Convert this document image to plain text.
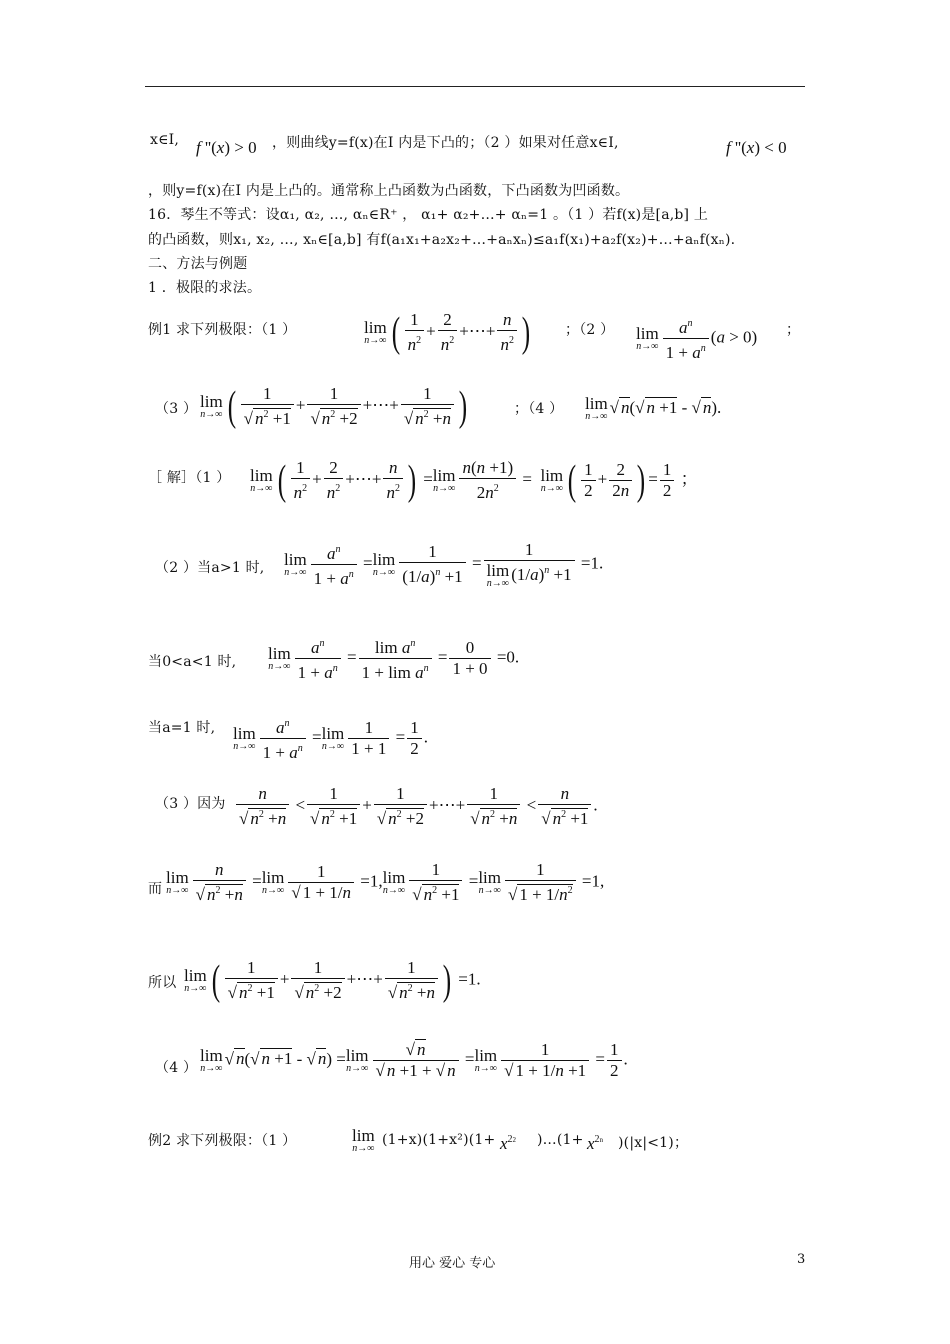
x∈I, f ''(x) > 0 ，则曲线y=f(x)在I 内是下凸的；（2 ）如果对任意x∈I,	f ''(x) < 0
，则y=f(x)在I 内是上凸的。通常称上凸函数为凸函数，下凸函数为凹函数。
16．琴生不等式：设α₁, α₂, …, αₙ∈R⁺ ， α₁+ α₂+…+ αₙ=1 。（1 ）若f(x)是[a,b] 上
的凸函数，则x₁, x₂, …, xₙ∈[a,b] 有f(a₁x₁+a₂x₂+…+aₙxₙ)≤a₁f(x₁)+a₂f(x₂)+…+aₙf(xₙ).
二、方法与例题
1 ．极限的求法。
例1 求下列极限：（1 ）	lim
n→∞ ( $\frac{1}{n^2} + \frac{2}{n^2}$ +⋯+ $\frac{n}{n^2}$ ) ；（2 ） lim
$n\to\infty \frac{a^n}{1 + a^n} (a > 0)$ ；
（3 ） lim
n→∞ ( $\frac{1}{√ n^2 +1} + \frac{1}{√ n^2 +2}$ +⋯+ $\frac{1}{√ n^2 +n}$ )	；（4 ） lim
n→∞ √ n(√ n +1 - √ n).
［ 解］（1 ） lim
n→∞ ( $\frac{1}{n^2} + \frac{2}{n^2}$ +⋯+ $\frac{n}{n^2}$ ) =lim
$n\to\infty \frac{n(n +1)}{2n^2} = \lim$
n→∞ ( $\frac{1}{2} + \frac{2}{2n}$ ) = $\frac{1}{2}$ ；
（2 ）当a>1 时, lim
$n\to\infty \frac{a^n}{1 + a^n} =\lim$
$n\to\infty \frac{1}{(1/a)^n +1} = 1$
lim
n→∞ $(1/a)^n +1 =1$.
当0<a<1 时, lim
$n\to\infty \frac{a^n}{1 + a^n} = \frac{\lim a^n}{1 + \lim a^n} = \frac{0}{1 + 0} =0$.
当a=1 时, lim
$n\to\infty \frac{a^n}{1 + a^n} =\lim$
$n\to\infty \frac{1}{1 + 1} = \frac{1}{2}$ .
（3 ）因为 $\frac{n}{√ n^2 +n} < \frac{1}{√ n^2 +1} + \frac{1}{√ n^2 +2}$ +⋯+ $\frac{1}{√ n^2 +n} < \frac{n}{√ n^2 +1}$ .
而
lim
$n\to\infty \frac{n}{√ n^2 +n} =\lim$
$n\to\infty \frac{1}{√ 1 + 1/n} =1,\lim$
$n\to\infty \frac{1}{√ n^2 +1} =\lim$
$n\to\infty \frac{1}{√ 1 + 1/n^2} =1$,
所以 lim
n→∞ ( $\frac{1}{√ n^2 +1} + \frac{1}{√ n^2 +2}$ +⋯+ $\frac{1}{√ n^2 +n}$ ) =1.
（4 ）
lim
n→∞ √ n(√ n +1 - √ n) =lim
$n\to\infty \frac{√ n}{√ n +1 + √ n} =\lim$
$n\to\infty \frac{1}{√ 1 + 1/n +1} = \frac{1}{2}$ .
例2 求下列极限：（1 ）	lim
n→∞
$(1+x)(1+x^2)(1+ x^{22}$ )…(1+ $x^{2n}$ )(|x|<1)；
用心 爱心 专心	3
